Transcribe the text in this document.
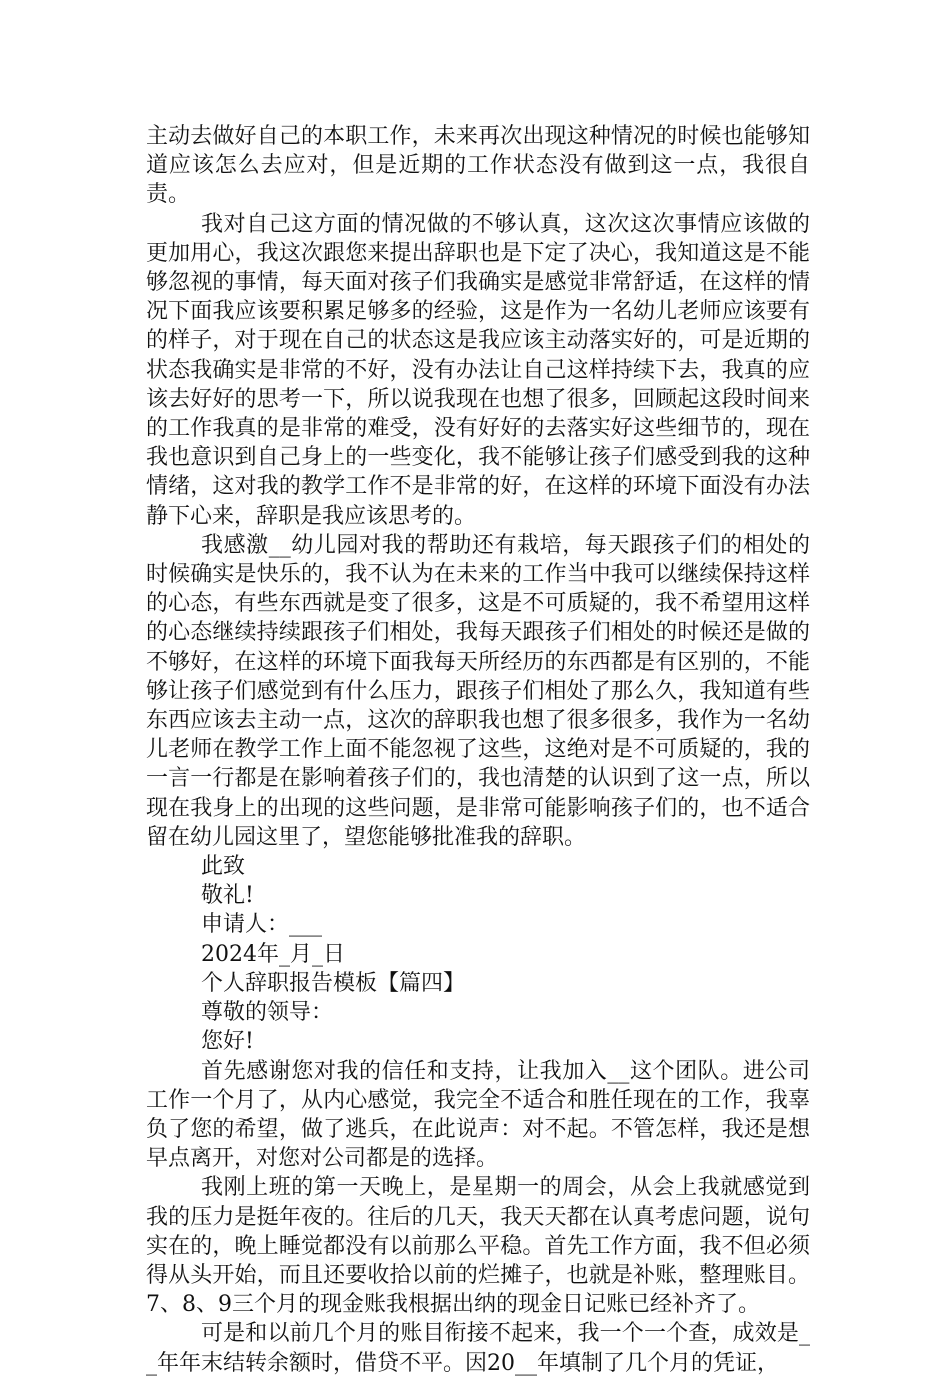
主动去做好自己的本职工作，未来再次出现这种情况的时候也能够知道应该怎么去应对，但是近期的工作状态没有做到这一点，我很自责。

我对自己这方面的情况做的不够认真，这次这次事情应该做的更加用心，我这次跟您来提出辞职也是下定了决心，我知道这是不能够忽视的事情，每天面对孩子们我确实是感觉非常舒适，在这样的情况下面我应该要积累足够多的经验，这是作为一名幼儿老师应该要有的样子，对于现在自己的状态这是我应该主动落实好的，可是近期的状态我确实是非常的不好，没有办法让自己这样持续下去，我真的应该去好好的思考一下，所以说我现在也想了很多，回顾起这段时间来的工作我真的是非常的难受，没有好好的去落实好这些细节的，现在我也意识到自己身上的一些变化，我不能够让孩子们感受到我的这种情绪，这对我的教学工作不是非常的好，在这样的环境下面没有办法静下心来，辞职是我应该思考的。

我感激__幼儿园对我的帮助还有栽培，每天跟孩子们的相处的时候确实是快乐的，我不认为在未来的工作当中我可以继续保持这样的心态，有些东西就是变了很多，这是不可质疑的，我不希望用这样的心态继续持续跟孩子们相处，我每天跟孩子们相处的时候还是做的不够好，在这样的环境下面我每天所经历的东西都是有区别的，不能够让孩子们感觉到有什么压力，跟孩子们相处了那么久，我知道有些东西应该去主动一点，这次的辞职我也想了很多很多，我作为一名幼儿老师在教学工作上面不能忽视了这些，这绝对是不可质疑的，我的一言一行都是在影响着孩子们的，我也清楚的认识到了这一点，所以现在我身上的出现的这些问题，是非常可能影响孩子们的，也不适合留在幼儿园这里了，望您能够批准我的辞职。

此致

敬礼!

申请人：___

2024年_月_日

个人辞职报告模板【篇四】

尊敬的领导：

您好!

首先感谢您对我的信任和支持，让我加入__这个团队。进公司工作一个月了，从内心感觉，我完全不适合和胜任现在的工作，我辜负了您的希望，做了逃兵，在此说声：对不起。不管怎样，我还是想早点离开，对您对公司都是的选择。

我刚上班的第一天晚上，是星期一的周会，从会上我就感觉到我的压力是挺年夜的。往后的几天，我天天都在认真考虑问题，说句实在的，晚上睡觉都没有以前那么平稳。首先工作方面，我不但必须得从头开始，而且还要收拾以前的烂摊子，也就是补账，整理账目。7、8、9三个月的现金账我根据出纳的现金日记账已经补齐了。

可是和以前几个月的账目衔接不起来，我一个一个查，成效是__年年末结转余额时，借贷不平。因20__年填制了几个月的凭证，
